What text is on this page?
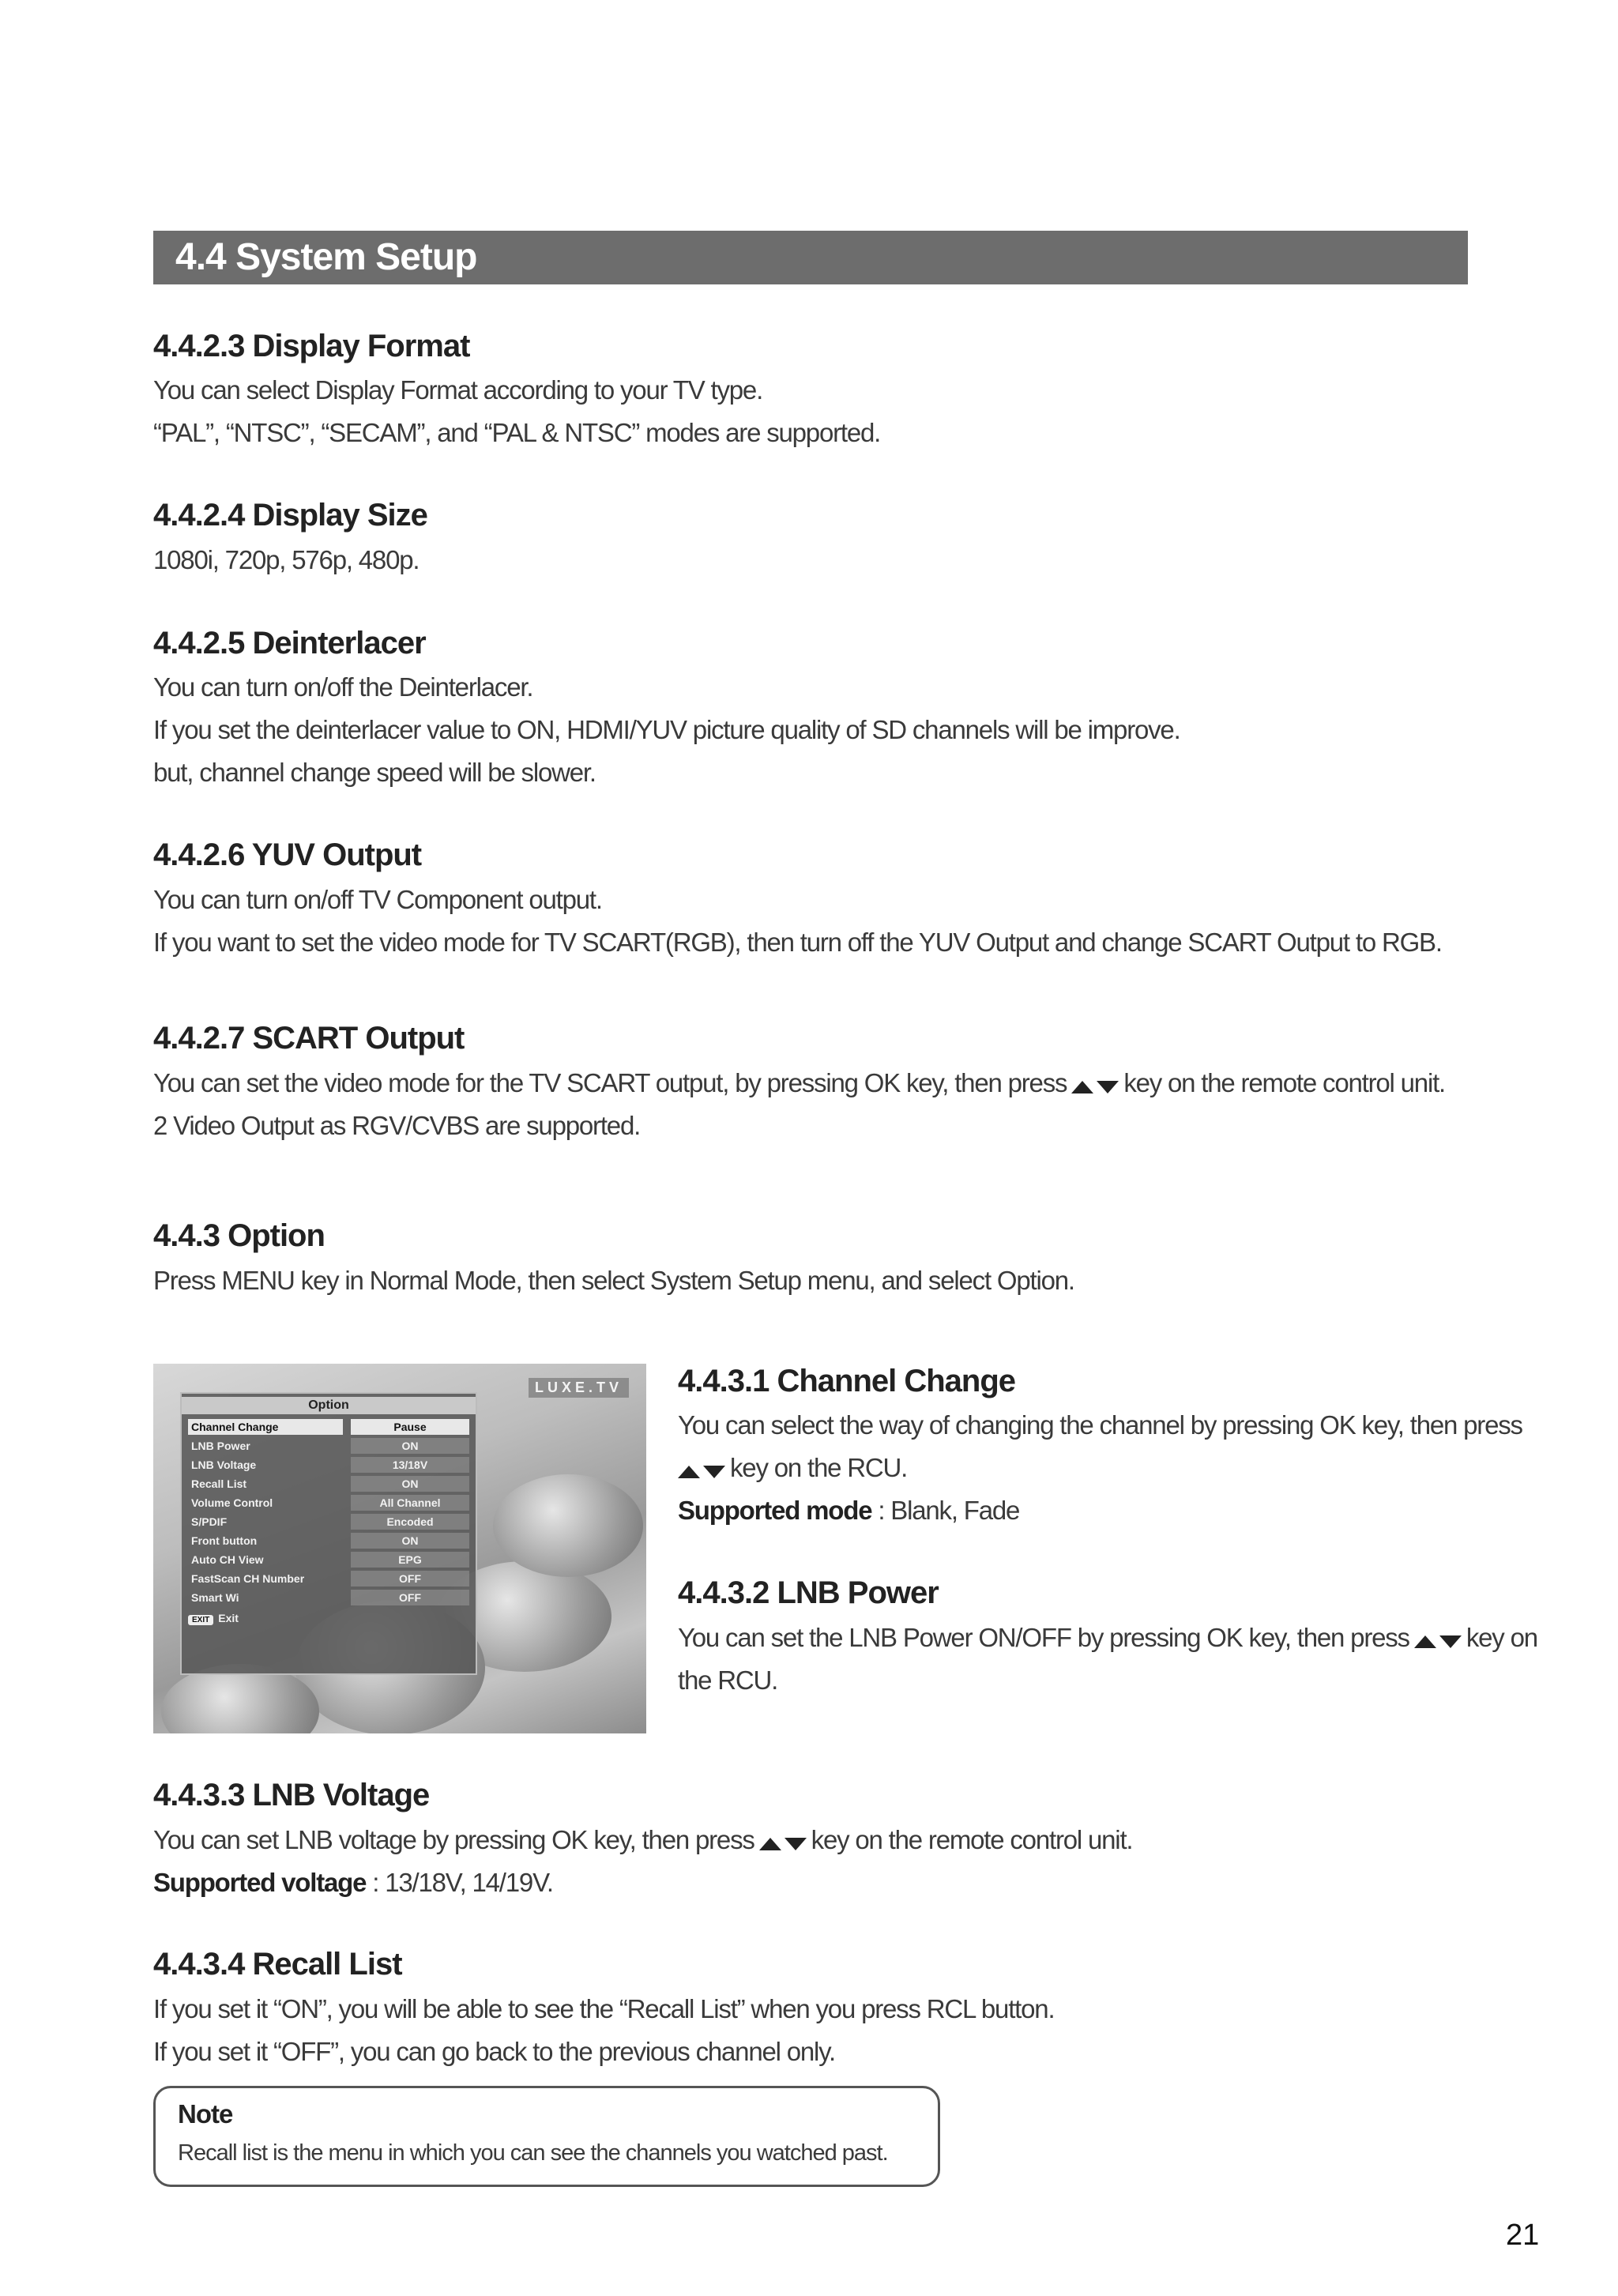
4.4 System Setup
4.4.2.3 Display Format
You can select Display Format according to your TV type.
“PAL”, “NTSC”, “SECAM”, and “PAL & NTSC” modes are supported.
4.4.2.4 Display Size
1080i, 720p, 576p, 480p.
4.4.2.5 Deinterlacer
You can turn on/off the Deinterlacer.
If you set the deinterlacer value to ON, HDMI/YUV picture quality of SD channels will be improve.
but, channel change speed will be slower.
4.4.2.6 YUV Output
You can turn on/off TV Component output.
If you want to set the video mode for TV SCART(RGB), then turn off the YUV Output and change SCART Output to RGB.
4.4.2.7 SCART Output
You can set the video mode for the TV SCART output, by pressing OK key, then press key on the remote control unit.
2 Video Output as RGV/CVBS are supported.
4.4.3 Option
Press MENU key in Normal Mode, then select System Setup menu, and select Option.
LUXE.TV
Option
Channel Change	Pause
LNB Power	ON
LNB Voltage	13/18V
Recall List	ON
Volume Control	All Channel
S/PDIF	Encoded
Front button	ON
Auto CH View	EPG
FastScan CH Number	OFF
Smart Wi	OFF
EXIT Exit
4.4.3.1 Channel Change
You can select the way of changing the channel by pressing OK key, then press
key on the RCU.
Supported mode : Blank, Fade
4.4.3.2 LNB Power
You can set the LNB Power ON/OFF by pressing OK key, then press key on
the RCU.
4.4.3.3 LNB Voltage
You can set LNB voltage by pressing OK key, then press key on the remote control unit.
Supported voltage : 13/18V, 14/19V.
4.4.3.4 Recall List
If you set it “ON”, you will be able to see the “Recall List” when you press RCL button.
If you set it “OFF”, you can go back to the previous channel only.
Note
Recall list is the menu in which you can see the channels you watched past.
21
